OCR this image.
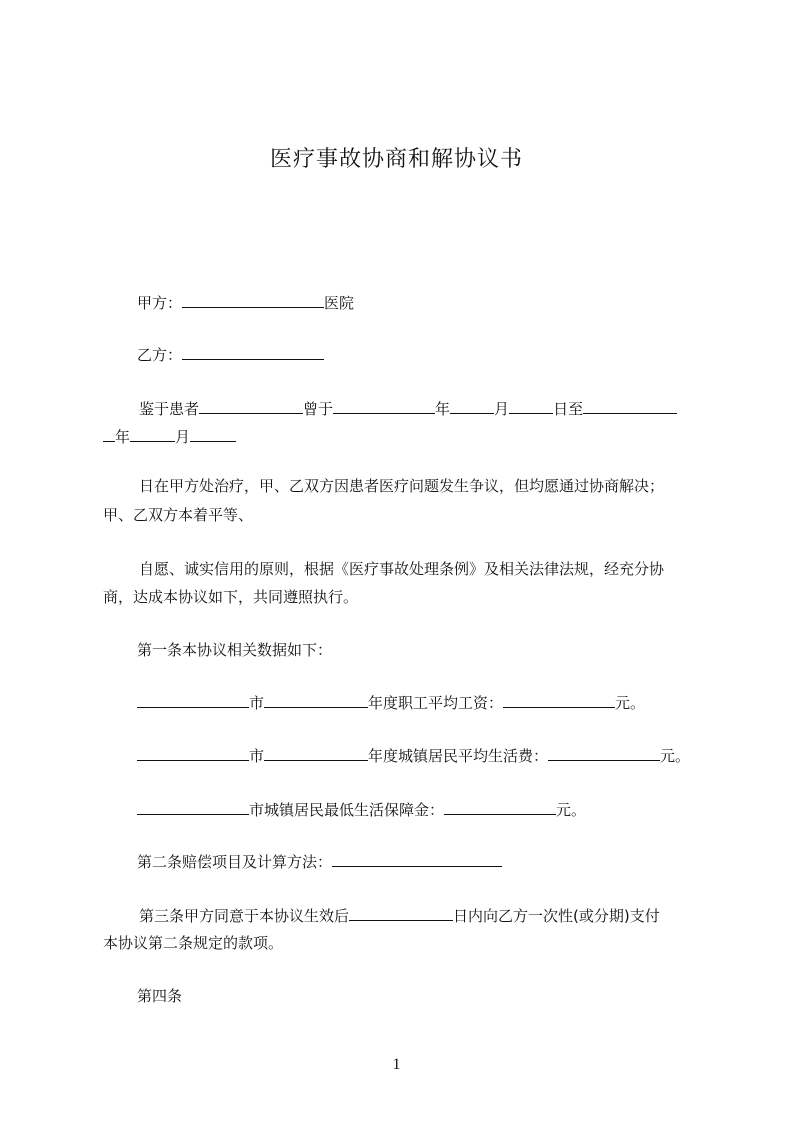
医疗事故协商和解协议书
甲方：	医院
乙方：
鉴于患者	曾于	年	月	日至
年	月
日在甲方处治疗，甲、乙双方因患者医疗问题发生争议，但均愿通过协商解决；
甲、乙双方本着平等、
自愿、诚实信用的原则，根据《医疗事故处理条例》及相关法律法规，经充分协
商，达成本协议如下，共同遵照执行。
第一条本协议相关数据如下：
市	年度职工平均工资：	元。
市	年度城镇居民平均生活费：	元。
市城镇居民最低生活保障金：	元。
第二条赔偿项目及计算方法：
第三条甲方同意于本协议生效后	日内向乙方一次性(或分期)支付
本协议第二条规定的款项。
第四条
1
